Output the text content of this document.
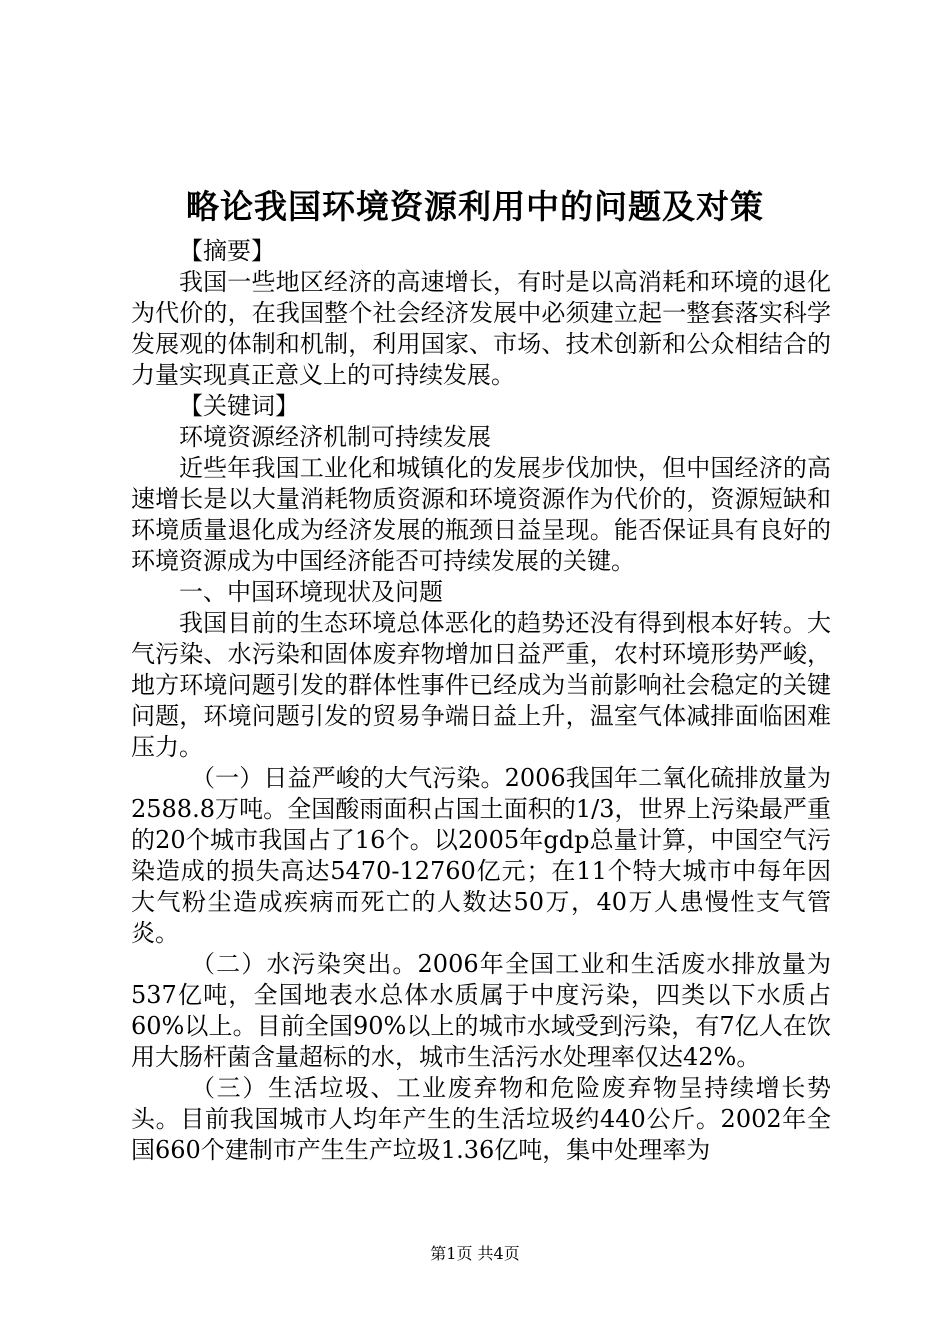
略论我国环境资源利用中的问题及对策

【摘要】

我国一些地区经济的高速增长，有时是以高消耗和环境的退化为代价的，在我国整个社会经济发展中必须建立起一整套落实科学发展观的体制和机制，利用国家、市场、技术创新和公众相结合的力量实现真正意义上的可持续发展。

【关键词】

环境资源经济机制可持续发展

近些年我国工业化和城镇化的发展步伐加快，但中国经济的高速增长是以大量消耗物质资源和环境资源作为代价的，资源短缺和环境质量退化成为经济发展的瓶颈日益呈现。能否保证具有良好的环境资源成为中国经济能否可持续发展的关键。

一、中国环境现状及问题

我国目前的生态环境总体恶化的趋势还没有得到根本好转。大气污染、水污染和固体废弃物增加日益严重，农村环境形势严峻，地方环境问题引发的群体性事件已经成为当前影响社会稳定的关键问题，环境问题引发的贸易争端日益上升，温室气体减排面临困难压力。

（一）日益严峻的大气污染。2006我国年二氧化硫排放量为2588.8万吨。全国酸雨面积占国土面积的1/3，世界上污染最严重的20个城市我国占了16个。以2005年gdp总量计算，中国空气污染造成的损失高达5470-12760亿元；在11个特大城市中每年因大气粉尘造成疾病而死亡的人数达50万，40万人患慢性支气管炎。

（二）水污染突出。2006年全国工业和生活废水排放量为537亿吨，全国地表水总体水质属于中度污染，四类以下水质占60%以上。目前全国90%以上的城市水域受到污染，有7亿人在饮用大肠杆菌含量超标的水，城市生活污水处理率仅达42%。

（三）生活垃圾、工业废弃物和危险废弃物呈持续增长势头。目前我国城市人均年产生的生活垃圾约440公斤。2002年全国660个建制市产生生产垃圾1.36亿吨，集中处理率为

第1页 共4页
